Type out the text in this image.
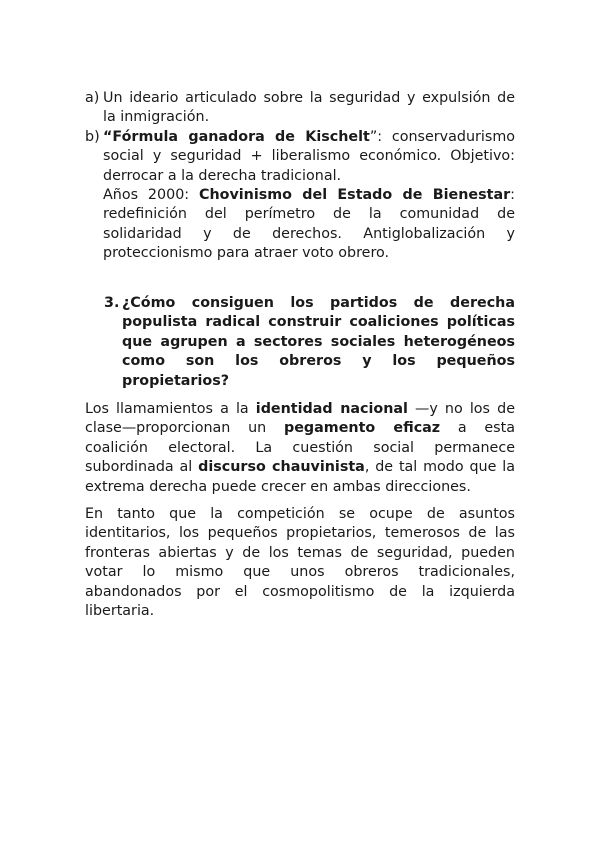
a) Un ideario articulado sobre la seguridad y expulsión de la inmigración.

b) “Fórmula ganadora de Kischelt”: conservadurismo social y seguridad + liberalismo económico. Objetivo: derrocar a la derecha tradicional.

Años 2000: Chovinismo del Estado de Bienestar: redefinición del perímetro de la comunidad de solidaridad y de derechos. Antiglobalización y proteccionismo para atraer voto obrero.

3. ¿Cómo consiguen los partidos de derecha populista radical construir coaliciones políticas que agrupen a sectores sociales heterogéneos como son los obreros y los pequeños propietarios?

Los llamamientos a la identidad nacional —y no los de clase—proporcionan un pegamento eficaz a esta coalición electoral. La cuestión social permanece subordinada al discurso chauvinista, de tal modo que la extrema derecha puede crecer en ambas direcciones.

En tanto que la competición se ocupe de asuntos identitarios, los pequeños propietarios, temerosos de las fronteras abiertas y de los temas de seguridad, pueden votar lo mismo que unos obreros tradicionales, abandonados por el cosmopolitismo de la izquierda libertaria.
